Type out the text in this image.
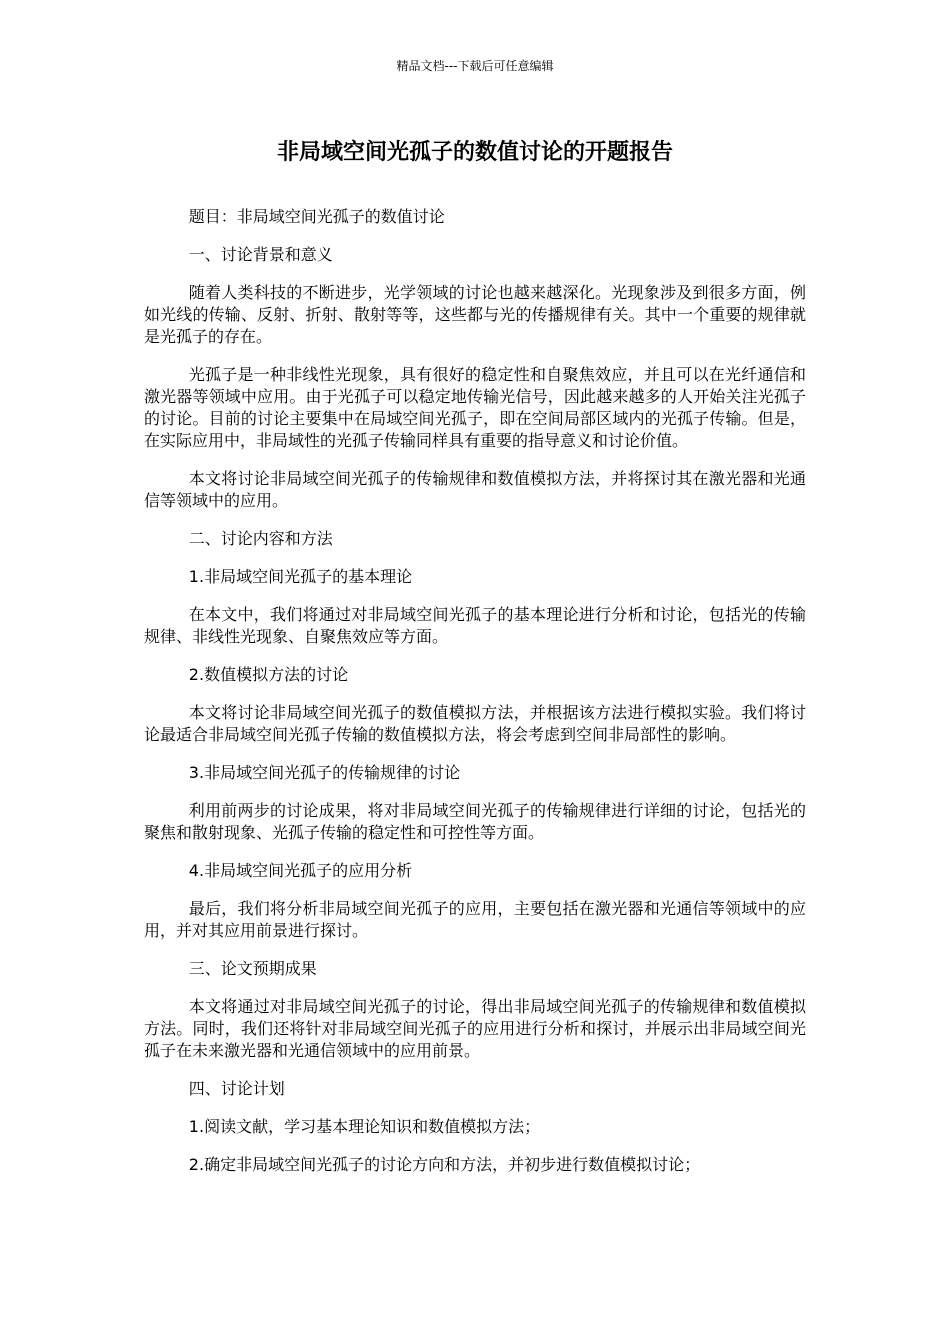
精品文档---下载后可任意编辑
非局域空间光孤子的数值讨论的开题报告

题目：非局域空间光孤子的数值讨论

一、讨论背景和意义

随着人类科技的不断进步，光学领域的讨论也越来越深化。光现象涉及到很多方面，例如光线的传输、反射、折射、散射等等，这些都与光的传播规律有关。其中一个重要的规律就是光孤子的存在。

光孤子是一种非线性光现象，具有很好的稳定性和自聚焦效应，并且可以在光纤通信和激光器等领域中应用。由于光孤子可以稳定地传输光信号，因此越来越多的人开始关注光孤子的讨论。目前的讨论主要集中在局域空间光孤子，即在空间局部区域内的光孤子传输。但是，在实际应用中，非局域性的光孤子传输同样具有重要的指导意义和讨论价值。

本文将讨论非局域空间光孤子的传输规律和数值模拟方法，并将探讨其在激光器和光通信等领域中的应用。

二、讨论内容和方法

1.非局域空间光孤子的基本理论

在本文中，我们将通过对非局域空间光孤子的基本理论进行分析和讨论，包括光的传输规律、非线性光现象、自聚焦效应等方面。

2.数值模拟方法的讨论

本文将讨论非局域空间光孤子的数值模拟方法，并根据该方法进行模拟实验。我们将讨论最适合非局域空间光孤子传输的数值模拟方法，将会考虑到空间非局部性的影响。

3.非局域空间光孤子的传输规律的讨论

利用前两步的讨论成果，将对非局域空间光孤子的传输规律进行详细的讨论，包括光的聚焦和散射现象、光孤子传输的稳定性和可控性等方面。

4.非局域空间光孤子的应用分析

最后，我们将分析非局域空间光孤子的应用，主要包括在激光器和光通信等领域中的应用，并对其应用前景进行探讨。

三、论文预期成果

本文将通过对非局域空间光孤子的讨论，得出非局域空间光孤子的传输规律和数值模拟方法。同时，我们还将针对非局域空间光孤子的应用进行分析和探讨，并展示出非局域空间光孤子在未来激光器和光通信领域中的应用前景。

四、讨论计划

1.阅读文献，学习基本理论知识和数值模拟方法；

2.确定非局域空间光孤子的讨论方向和方法，并初步进行数值模拟讨论；
